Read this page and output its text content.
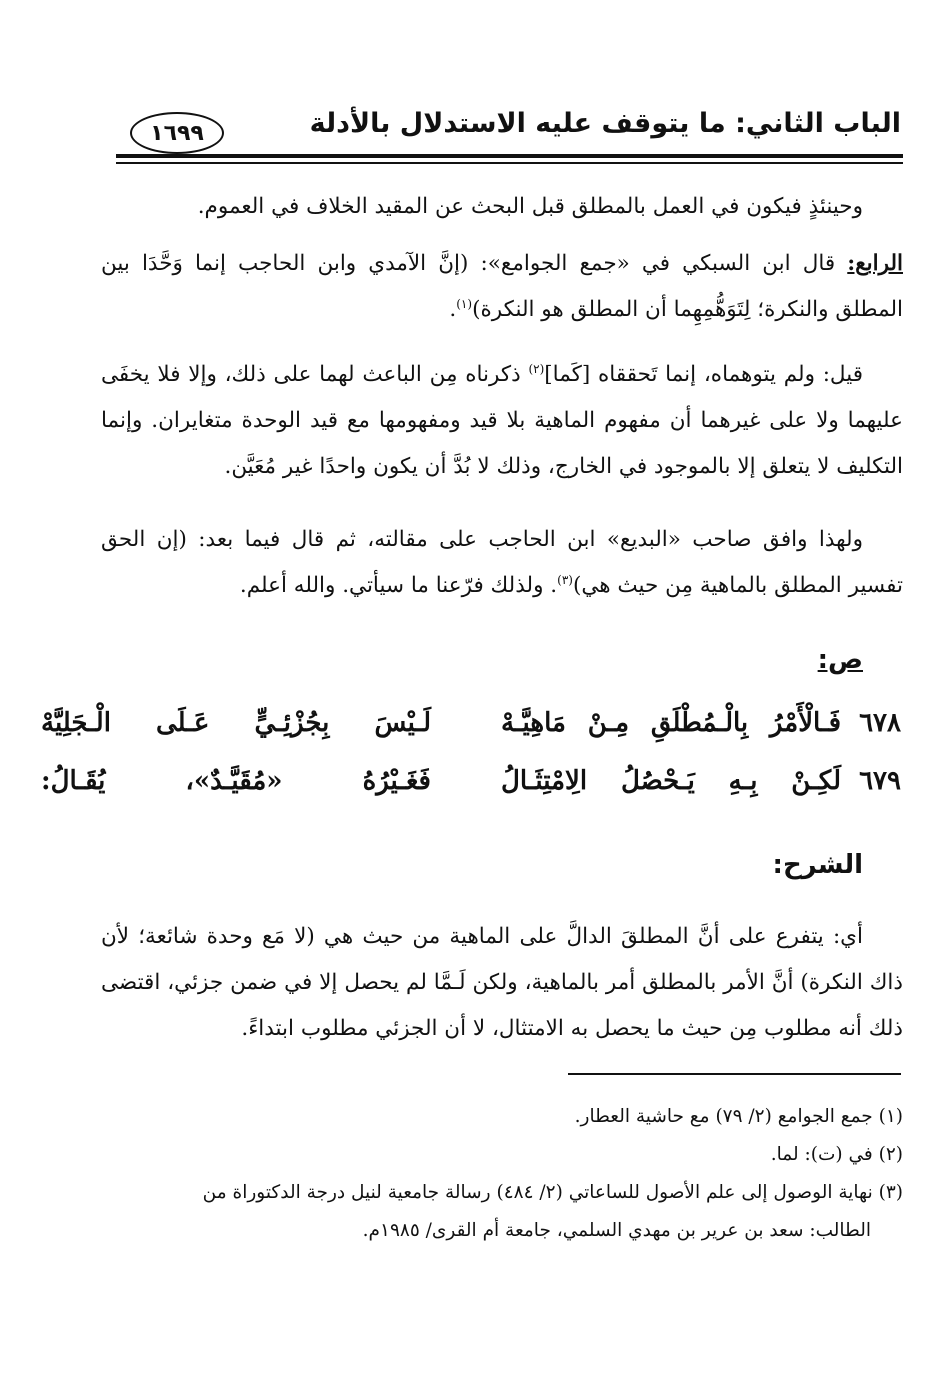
الباب الثاني: ما يتوقف عليه الاستدلال بالأدلة
١٦٩٩
وحينئذٍ فيكون في العمل بالمطلق قبل البحث عن المقيد الخلاف في العموم.
الرابع: قال ابن السبكي في «جمع الجوامع»: (إنَّ الآمدي وابن الحاجب إنما وَحَّدَا بين المطلق والنكرة؛ لِتَوَهُّمِهِما أن المطلق هو النكرة)$^{(١)}$.
قيل: ولم يتوهماه، إنما تَحققاه [كَما]$^{(٢)}$ ذكرناه مِن الباعث لهما على ذلك، وإلا فلا يخفَى عليهما ولا على غيرهما أن مفهوم الماهية بلا قيد ومفهومها مع قيد الوحدة متغايران. وإنما التكليف لا يتعلق إلا بالموجود في الخارج، وذلك لا بُدَّ أن يكون واحدًا غير مُعَيَّن.
ولهذا وافق صاحب «البديع» ابن الحاجب على مقالته، ثم قال فيما بعد: (إن الحق تفسير المطلق بالماهية مِن حيث هي)$^{(٣)}$. ولذلك فرّعنا ما سيأتي. والله أعلم.
ص:
٦٧٨
فَـالْأَمْرُ بِالْـمُطْلَقِ مِـنْ مَاهِيَّـهْ
لَـيْسَ بِجُزْئِـيٍّ عَـلَى الْـجَلِيَّهْ
٦٧٩
لَكِـنْ بِـهِ يَـحْصُلُ الِامْتِثَـالُ
فَغَـيْرُهُ «مُقَيَّـدٌ»، يُقَـالُ:
الشرح:
أي: يتفرع على أنَّ المطلقَ الدالَّ على الماهية من حيث هي (لا مَع وحدة شائعة؛ لأن ذاك النكرة) أنَّ الأمر بالمطلق أمر بالماهية، ولكن لَـمَّا لم يحصل إلا في ضمن جزئي، اقتضى ذلك أنه مطلوب مِن حيث ما يحصل به الامتثال، لا أن الجزئي مطلوب ابتداءً.

(١) جمع الجوامع (٢/ ٧٩) مع حاشية العطار.

(٢) في (ت): لما.

(٣) نهاية الوصول إلى علم الأصول للساعاتي (٢/ ٤٨٤) رسالة جامعية لنيل درجة الدكتوراة من

الطالب: سعد بن عرير بن مهدي السلمي، جامعة أم القرى/ ١٩٨٥م.
